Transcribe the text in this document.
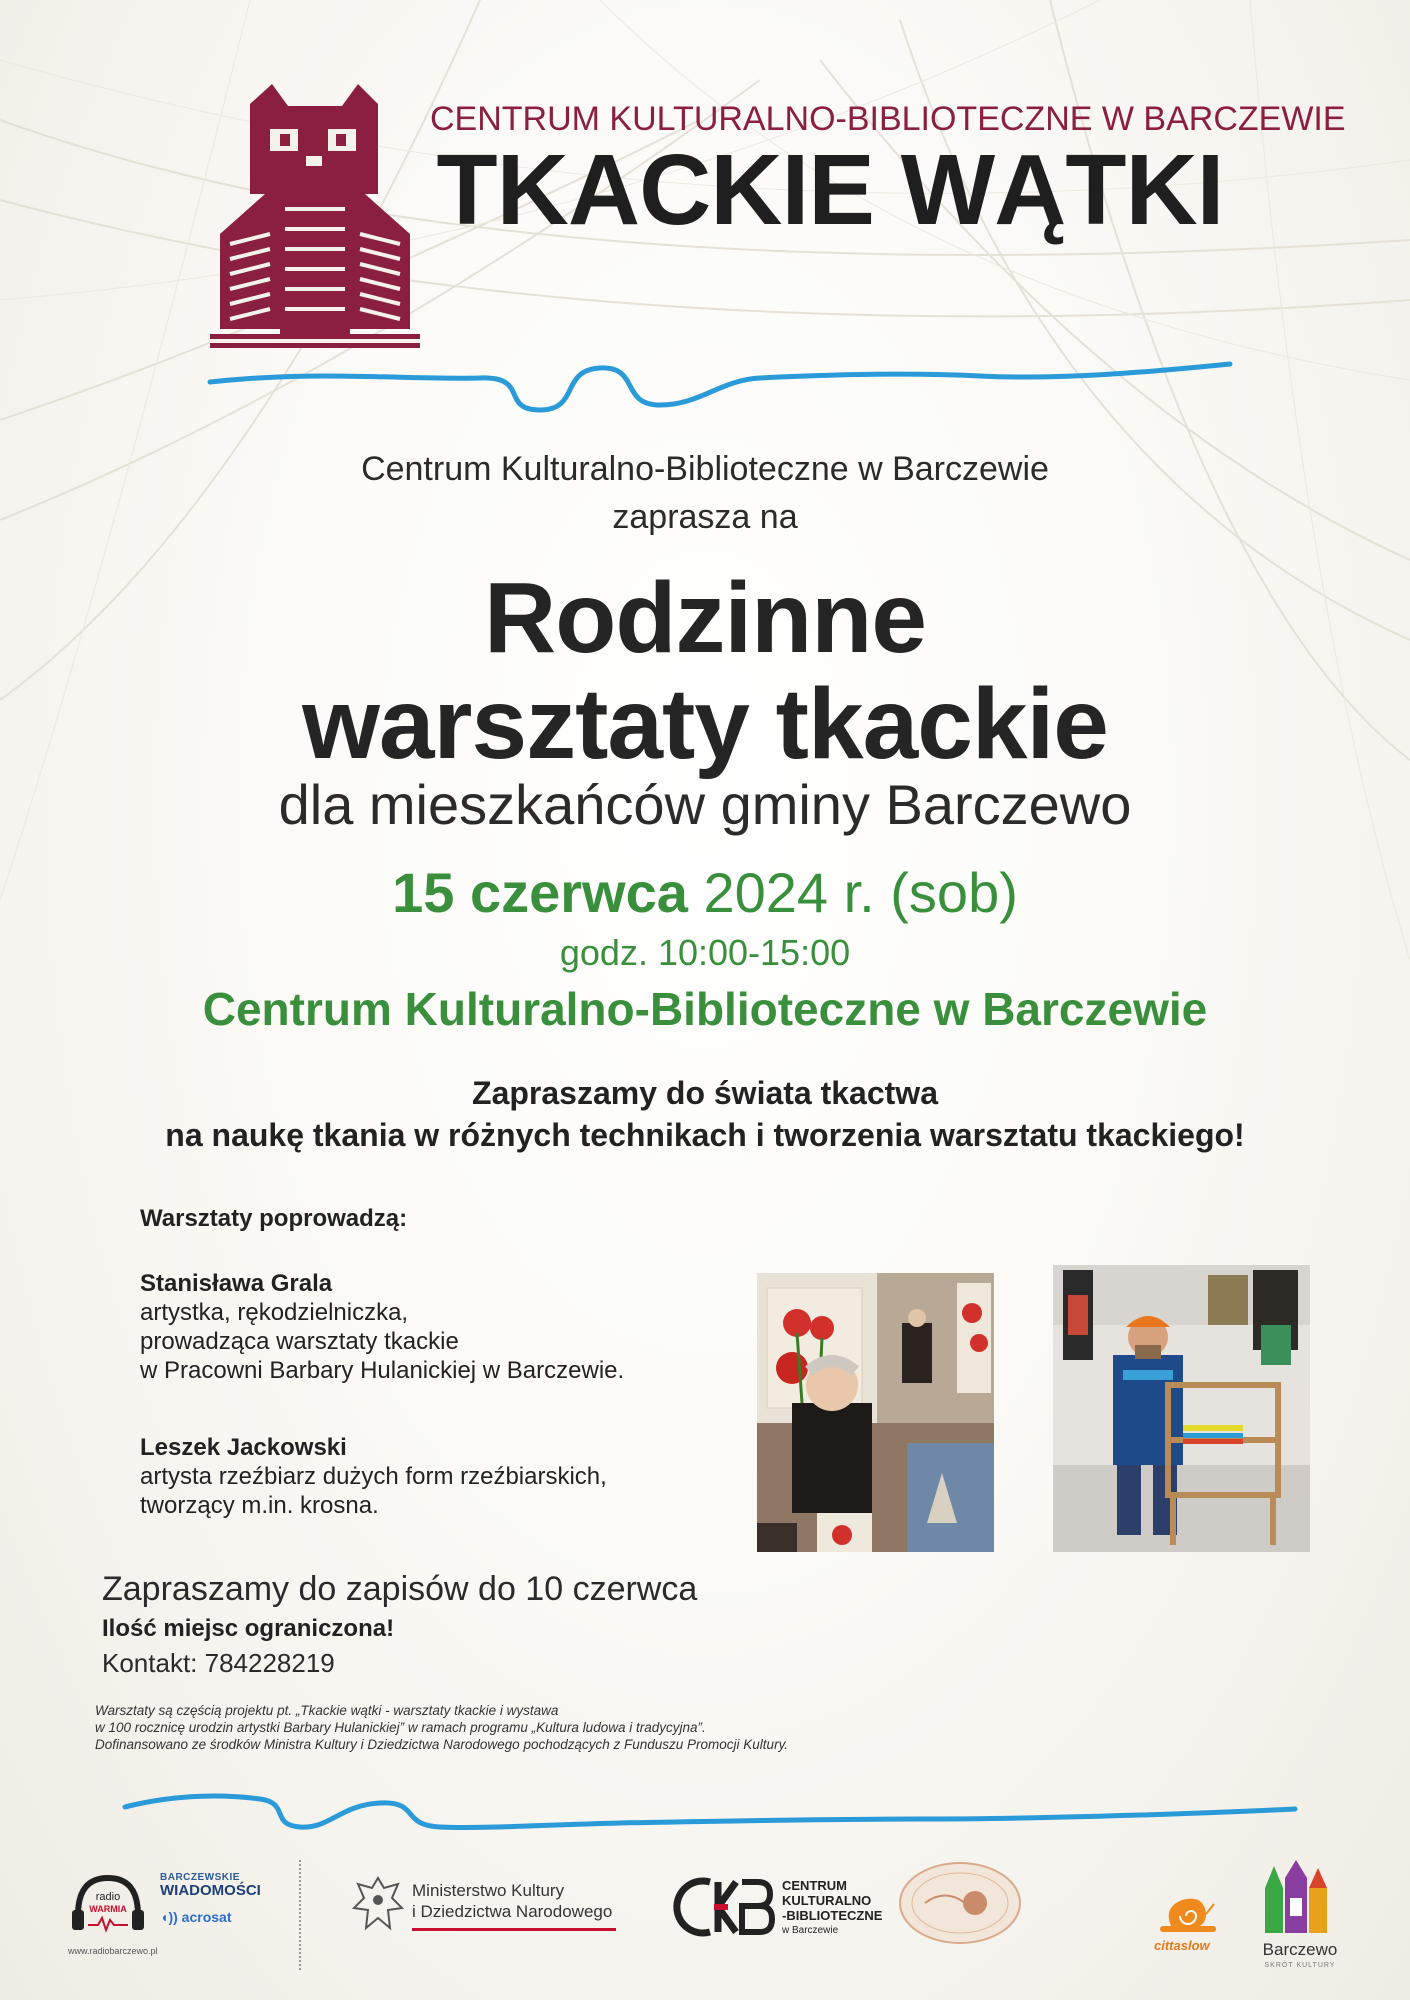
CENTRUM KULTURALNO-BIBLIOTECZNE W BARCZEWIE
TKACKIE WĄTKI
Centrum Kulturalno-Biblioteczne w Barczewie
zaprasza na
Rodzinne
warsztaty tkackie
dla mieszkańców gminy Barczewo
15 czerwca 2024 r. (sob)
godz. 10:00-15:00
Centrum Kulturalno-Biblioteczne w Barczewie
Zapraszamy do świata tkactwa
na naukę tkania w różnych technikach i tworzenia warsztatu tkackiego!
Warsztaty poprowadzą:
Stanisława Grala
artystka, rękodzielniczka,
prowadząca warsztaty tkackie
w Pracowni Barbary Hulanickiej w Barczewie.
Leszek Jackowski
artysta rzeźbiarz dużych form rzeźbiarskich,
tworzący m.in. krosna.
Zapraszamy do zapisów do 10 czerwca
Ilość miejsc ograniczona!
Kontakt: 784228219
Warsztaty są częścią projektu pt. „Tkackie wątki - warsztaty tkackie i wystawa
w 100 rocznicę urodzin artystki Barbary Hulanickiej” w ramach programu „Kultura ludowa i tradycyjna”.
Dofinansowano ze środków Ministra Kultury i Dziedzictwa Narodowego pochodzących z Funduszu Promocji Kultury.
radio
WARMIA
www.radiobarczewo.pl
BARCZEWSKIE
WIADOMOŚCI
◖)) acrosat
Ministerstwo Kultury
i Dziedzictwa Narodowego
CENTRUM
KULTURALNO
-BIBLIOTECZNE
w Barczewie
cittaslow	Barczewo
SKRÓT KULTURY
